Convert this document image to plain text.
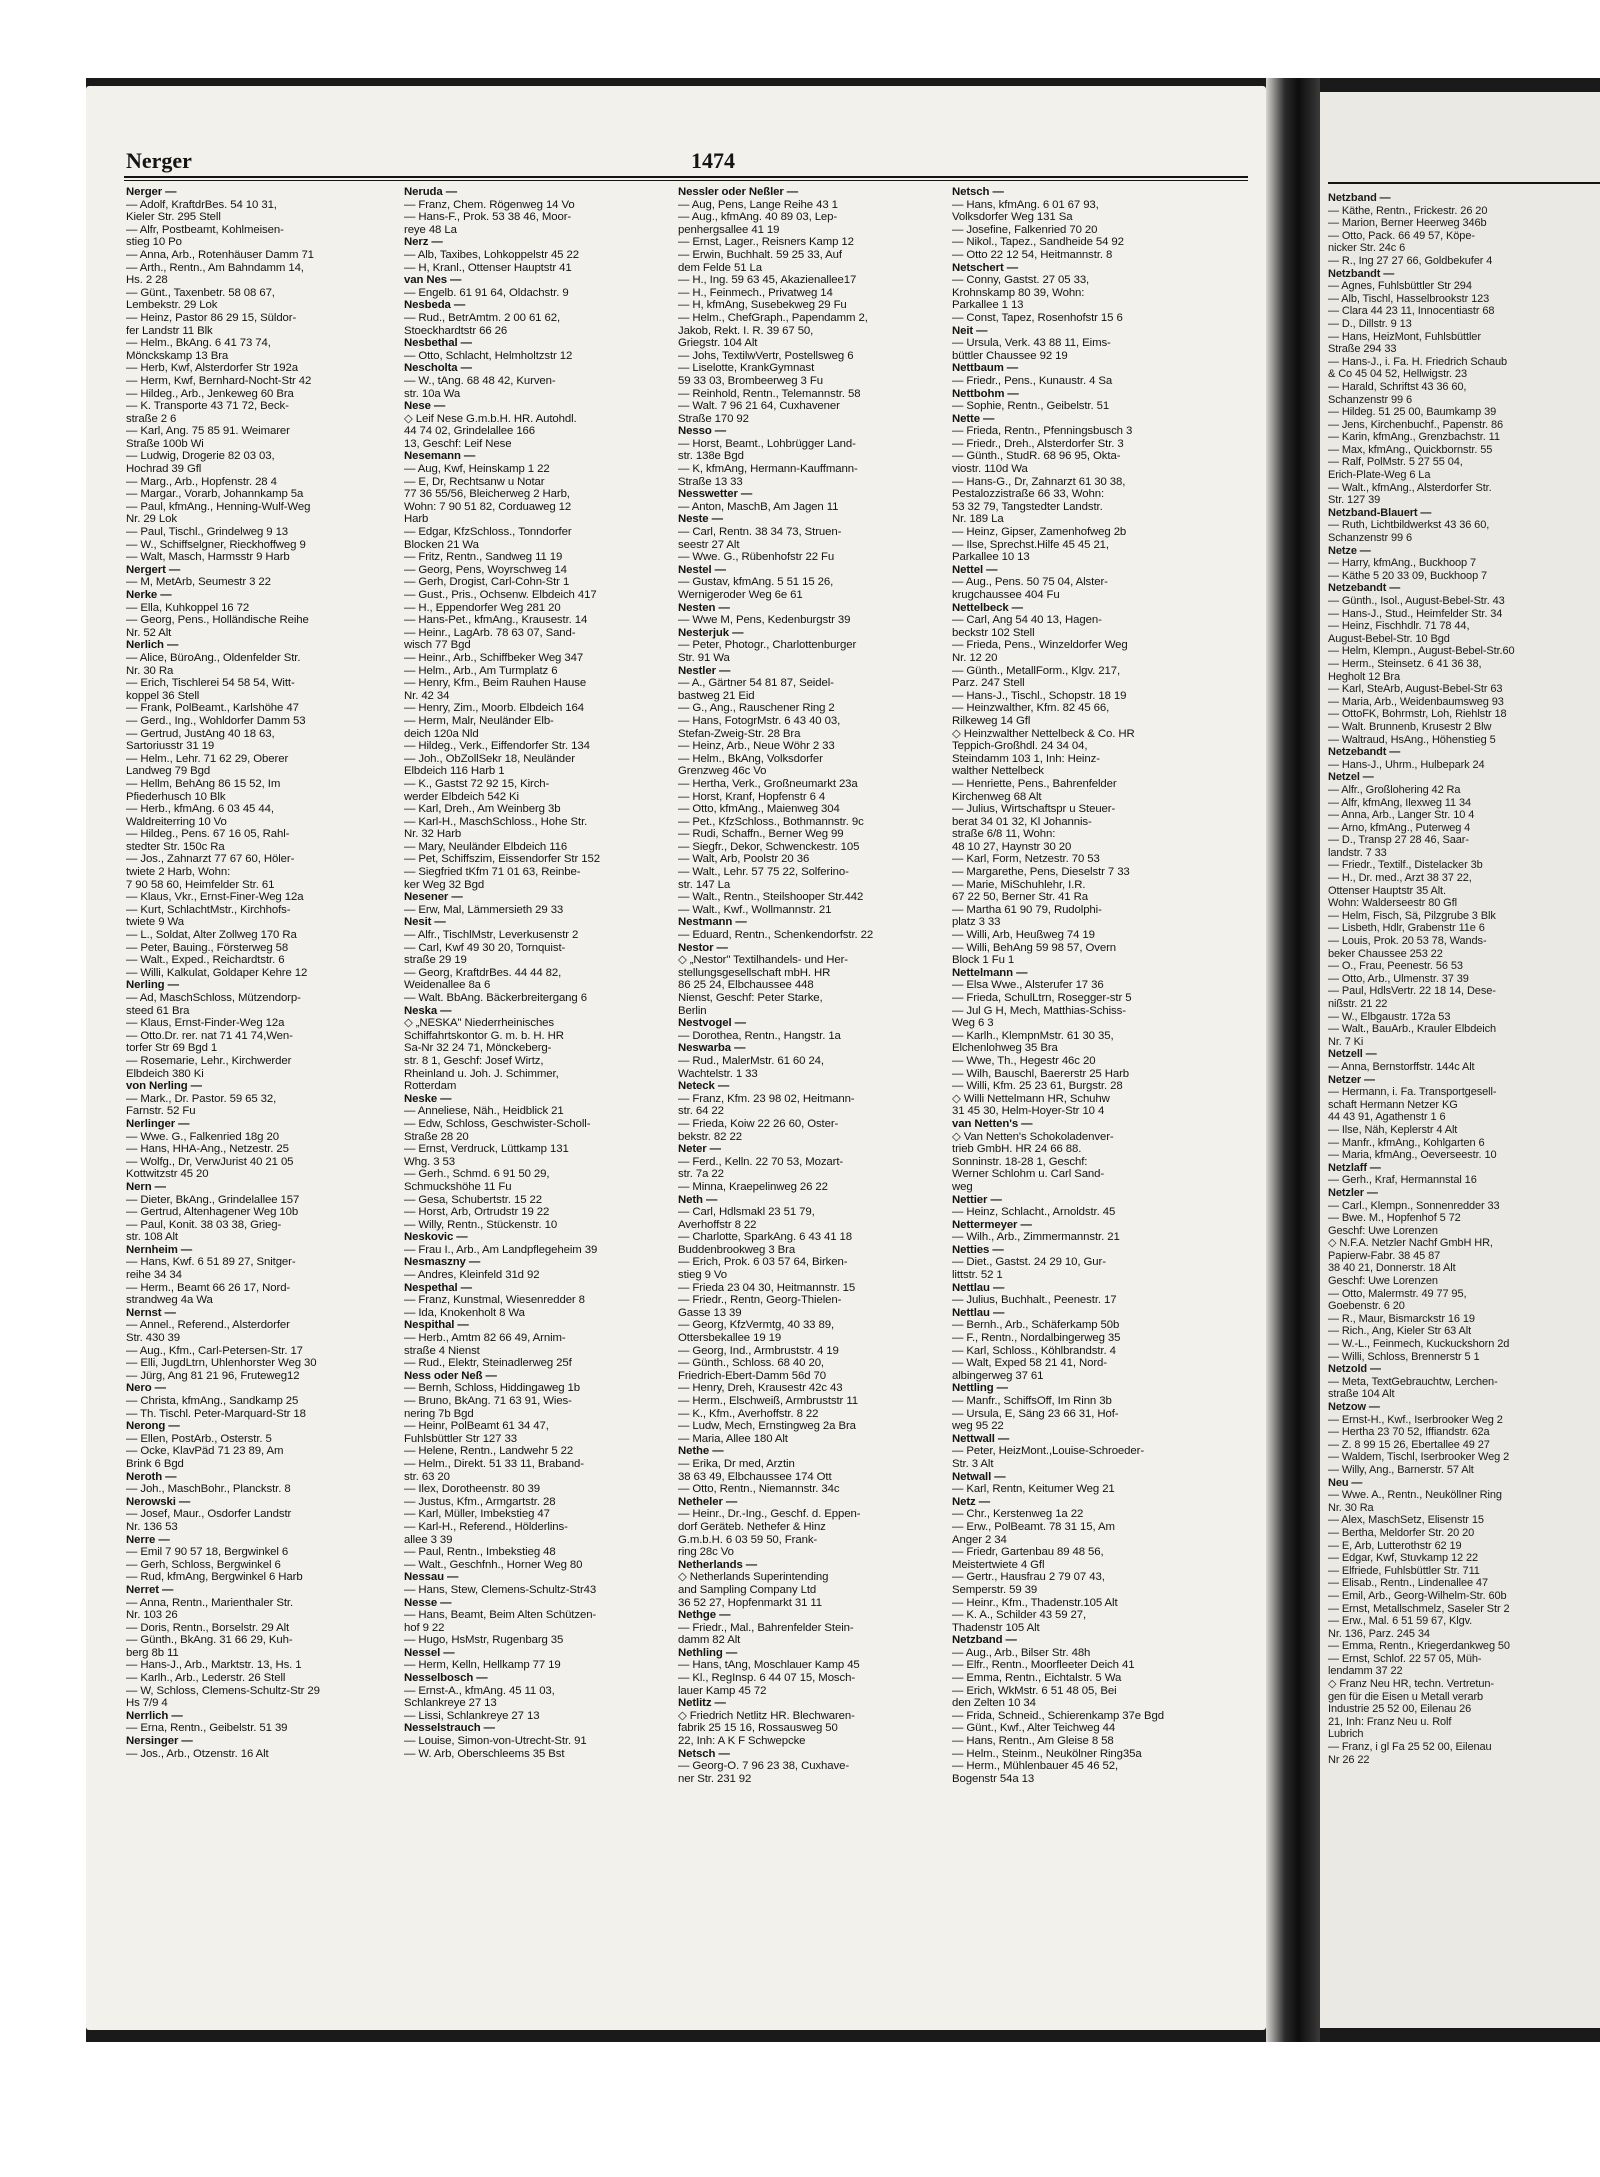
Nerger	1474
Nerger —
— Adolf, KraftdrBes. 54 10 31,
Kieler Str. 295 Stell
— Alfr, Postbeamt, Kohlmeisen-
stieg 10 Po
— Anna, Arb., Rotenhäuser Damm 71
— Arth., Rentn., Am Bahndamm 14,
Hs. 2 28
— Günt., Taxenbetr. 58 08 67,
Lembekstr. 29 Lok
— Heinz, Pastor 86 29 15, Süldor-
fer Landstr 11 Blk
— Helm., BkAng. 6 41 73 74,
Mönckskamp 13 Bra
— Herb, Kwf, Alsterdorfer Str 192a
— Herm, Kwf, Bernhard-Nocht-Str 42
— Hildeg., Arb., Jenkeweg 60 Bra
— K. Transporte 43 71 72, Beck-
straße 2 6
— Karl, Ang. 75 85 91. Weimarer
Straße 100b Wi
— Ludwig, Drogerie 82 03 03,
Hochrad 39 Gfl
— Marg., Arb., Hopfenstr. 28 4
— Margar., Vorarb, Johannkamp 5a
— Paul, kfmAng., Henning-Wulf-Weg
Nr. 29 Lok
— Paul, Tischl., Grindelweg 9 13
— W., Schiffselgner, Rieckhoffweg 9
— Walt, Masch, Harmsstr 9 Harb
Nergert —
— M, MetArb, Seumestr 3 22
Nerke —
— Ella, Kuhkoppel 16 72
— Georg, Pens., Holländische Reihe
Nr. 52 Alt
Nerlich —
— Alice, BüroAng., Oldenfelder Str.
Nr. 30 Ra
— Erich, Tischlerei 54 58 54, Witt-
koppel 36 Stell
— Frank, PolBeamt., Karlshöhe 47
— Gerd., Ing., Wohldorfer Damm 53
— Gertrud, JustAng 40 18 63,
Sartoriusstr 31 19
— Helm., Lehr. 71 62 29, Oberer
Landweg 79 Bgd
— Hellm, BehAng 86 15 52, Im
Pfiederhusch 10 Blk
— Herb., kfmAng. 6 03 45 44,
Waldreiterring 10 Vo
— Hildeg., Pens. 67 16 05, Rahl-
stedter Str. 150c Ra
— Jos., Zahnarzt 77 67 60, Höler-
twiete 2 Harb, Wohn:
7 90 58 60, Heimfelder Str. 61
— Klaus, Vkr., Ernst-Finer-Weg 12a
— Kurt, SchlachtMstr., Kirchhofs-
twiete 9 Wa
— L., Soldat, Alter Zollweg 170 Ra
— Peter, Bauing., Försterweg 58
— Walt., Exped., Reichardtstr. 6
— Willi, Kalkulat, Goldaper Kehre 12
Nerling —
— Ad, MaschSchloss, Mützendorp-
steed 61 Bra
— Klaus, Ernst-Finder-Weg 12a
— Otto.Dr. rer. nat 71 41 74,Wen-
torfer Str 69 Bgd 1
— Rosemarie, Lehr., Kirchwerder
Elbdeich 380 Ki
von Nerling —
— Mark., Dr. Pastor. 59 65 32,
Farnstr. 52 Fu
Nerlinger —
— Wwe. G., Falkenried 18g 20
— Hans, HHA-Ang., Netzestr. 25
— Wolfg., Dr, VerwJurist 40 21 05
Kottwitzstr 45 20
Nern —
— Dieter, BkAng., Grindelallee 157
— Gertrud, Altenhagener Weg 10b
— Paul, Konit. 38 03 38, Grieg-
str. 108 Alt
Nernheim —
— Hans, Kwf. 6 51 89 27, Snitger-
reihe 34 34
— Herm., Beamt 66 26 17, Nord-
strandweg 4a Wa
Nernst —
— Annel., Referend., Alsterdorfer
Str. 430 39
— Aug., Kfm., Carl-Petersen-Str. 17
— Elli, JugdLtrn, Uhlenhorster Weg 30
— Jürg, Ang 81 21 96, Fruteweg12
Nero —
— Christa, kfmAng., Sandkamp 25
— Th. Tischl. Peter-Marquard-Str 18
Nerong —
— Ellen, PostArb., Osterstr. 5
— Ocke, KlavPäd 71 23 89, Am
Brink 6 Bgd
Neroth —
— Joh., MaschBohr., Planckstr. 8
Nerowski —
— Josef, Maur., Osdorfer Landstr
Nr. 136 53
Nerre —
— Emil 7 90 57 18, Bergwinkel 6
— Gerh, Schloss, Bergwinkel 6
— Rud, kfmAng, Bergwinkel 6 Harb
Nerret —
— Anna, Rentn., Marienthaler Str.
Nr. 103 26
— Doris, Rentn., Borselstr. 29 Alt
— Günth., BkAng. 31 66 29, Kuh-
berg 8b 11
— Hans-J., Arb., Marktstr. 13, Hs. 1
— Karlh., Arb., Lederstr. 26 Stell
— W, Schloss, Clemens-Schultz-Str 29
Hs 7/9 4
Nerrlich —
— Erna, Rentn., Geibelstr. 51 39
Nersinger —
— Jos., Arb., Otzenstr. 16 Alt
Neruda —
— Franz, Chem. Rögenweg 14 Vo
— Hans-F., Prok. 53 38 46, Moor-
reye 48 La
Nerz —
— Alb, Taxibes, Lohkoppelstr 45 22
— H, Kranl., Ottenser Hauptstr 41
van Nes —
— Engelb. 61 91 64, Oldachstr. 9
Nesbeda —
— Rud., BetrAmtm. 2 00 61 62,
Stoeckhardtstr 66 26
Nesbethal —
— Otto, Schlacht, Helmholtzstr 12
Nescholta —
— W., tAng. 68 48 42, Kurven-
str. 10a Wa
Nese —
◇ Leif Nese G.m.b.H. HR. Autohdl.
44 74 02, Grindelallee 166
13, Geschf: Leif Nese
Nesemann —
— Aug, Kwf, Heinskamp 1 22
— E, Dr, Rechtsanw u Notar
77 36 55/56, Bleicherweg 2 Harb,
Wohn: 7 90 51 82, Corduaweg 12
Harb
— Edgar, KfzSchloss., Tonndorfer
Blocken 21 Wa
— Fritz, Rentn., Sandweg 11 19
— Georg, Pens, Woyrschweg 14
— Gerh, Drogist, Carl-Cohn-Str 1
— Gust., Pris., Ochsenw. Elbdeich 417
— H., Eppendorfer Weg 281 20
— Hans-Pet., kfmAng., Krausestr. 14
— Heinr., LagArb. 78 63 07, Sand-
wisch 77 Bgd
— Heinr., Arb., Schiffbeker Weg 347
— Helm., Arb., Am Turmplatz 6
— Henry, Kfm., Beim Rauhen Hause
Nr. 42 34
— Henry, Zim., Moorb. Elbdeich 164
— Herm, Malr, Neuländer Elb-
deich 120a Nld
— Hildeg., Verk., Eiffendorfer Str. 134
— Joh., ObZollSekr 18, Neuländer
Elbdeich 116 Harb 1
— K., Gastst 72 92 15, Kirch-
werder Elbdeich 542 Ki
— Karl, Dreh., Am Weinberg 3b
— Karl-H., MaschSchloss., Hohe Str.
Nr. 32 Harb
— Mary, Neuländer Elbdeich 116
— Pet, Schiffszim, Eissendorfer Str 152
— Siegfried tKfm 71 01 63, Reinbe-
ker Weg 32 Bgd
Nesener —
— Erw, Mal, Lämmersieth 29 33
Nesit —
— Alfr., TischlMstr, Leverkusenstr 2
— Carl, Kwf 49 30 20, Tornquist-
straße 29 19
— Georg, KraftdrBes. 44 44 82,
Weidenallee 8a 6
— Walt. BbAng. Bäckerbreitergang 6
Neska —
◇ „NESKA" Niederrheinisches
Schiffahrtskontor G. m. b. H. HR
Sa-Nr 32 24 71, Mönckeberg-
str. 8 1, Geschf: Josef Wirtz,
Rheinland u. Joh. J. Schimmer,
Rotterdam
Neske —
— Anneliese, Näh., Heidblick 21
— Edw, Schloss, Geschwister-Scholl-
Straße 28 20
— Ernst, Verdruck, Lüttkamp 131
Whg. 3 53
— Gerh., Schmd. 6 91 50 29,
Schmuckshöhe 11 Fu
— Gesa, Schubertstr. 15 22
— Horst, Arb, Ortrudstr 19 22
— Willy, Rentn., Stückenstr. 10
Neskovic —
— Frau I., Arb., Am Landpflegeheim 39
Nesmaszny —
— Andres, Kleinfeld 31d 92
Nespethal —
— Franz, Kunstmal, Wiesenredder 8
— Ida, Knokenholt 8 Wa
Nespithal —
— Herb., Amtm 82 66 49, Arnim-
straße 4 Nienst
— Rud., Elektr, Steinadlerweg 25f
Ness oder Neß —
— Bernh, Schloss, Hiddingaweg 1b
— Bruno, BkAng. 71 63 91, Wies-
nering 7b Bgd
— Heinr, PolBeamt 61 34 47,
Fuhlsbüttler Str 127 33
— Helene, Rentn., Landwehr 5 22
— Helm., Direkt. 51 33 11, Braband-
str. 63 20
— Ilex, Dorotheenstr. 80 39
— Justus, Kfm., Armgartstr. 28
— Karl, Müller, Imbekstieg 47
— Karl-H., Referend., Hölderlins-
allee 3 39
— Paul, Rentn., Imbekstieg 48
— Walt., Geschfnh., Horner Weg 80
Nessau —
— Hans, Stew, Clemens-Schultz-Str43
Nesse —
— Hans, Beamt, Beim Alten Schützen-
hof 9 22
— Hugo, HsMstr, Rugenbarg 35
Nessel —
— Herm, Kelln, Hellkamp 77 19
Nesselbosch —
— Ernst-A., kfmAng. 45 11 03,
Schlankreye 27 13
— Lissi, Schlankreye 27 13
Nesselstrauch —
— Louise, Simon-von-Utrecht-Str. 91
— W. Arb, Oberschleems 35 Bst
Nessler oder Neßler —
— Aug, Pens, Lange Reihe 43 1
— Aug., kfmAng. 40 89 03, Lep-
penhergsallee 41 19
— Ernst, Lager., Reisners Kamp 12
— Erwin, Buchhalt. 59 25 33, Auf
dem Felde 51 La
— H., Ing. 59 63 45, Akazienallee17
— H., Feinmech., Privatweg 14
— H, kfmAng, Susebekweg 29 Fu
— Helm., ChefGraph., Papendamm 2,
Jakob, Rekt. I. R. 39 67 50,
Griegstr. 104 Alt
— Johs, TextilwVertr, Postellsweg 6
— Liselotte, KrankGymnast
59 33 03, Brombeerweg 3 Fu
— Reinhold, Rentn., Telemannstr. 58
— Walt. 7 96 21 64, Cuxhavener
Straße 170 92
Nesso —
— Horst, Beamt., Lohbrügger Land-
str. 138e Bgd
— K, kfmAng, Hermann-Kauffmann-
Straße 13 33
Nesswetter —
— Anton, MaschB, Am Jagen 11
Neste —
— Carl, Rentn. 38 34 73, Struen-
seestr 27 Alt
— Wwe. G., Rübenhofstr 22 Fu
Nestel —
— Gustav, kfmAng. 5 51 15 26,
Wernigeroder Weg 6e 61
Nesten —
— Wwe M, Pens, Kedenburgstr 39
Nesterjuk —
— Peter, Photogr., Charlottenburger
Str. 91 Wa
Nestler —
— A., Gärtner 54 81 87, Seidel-
bastweg 21 Eid
— G., Ang., Rauschener Ring 2
— Hans, FotogrMstr. 6 43 40 03,
Stefan-Zweig-Str. 28 Bra
— Heinz, Arb., Neue Wöhr 2 33
— Helm., BkAng, Volksdorfer
Grenzweg 46c Vo
— Hertha, Verk., Großneumarkt 23a
— Horst, Kranf, Hopfenstr 6 4
— Otto, kfmAng., Maienweg 304
— Pet., KfzSchloss., Bothmannstr. 9c
— Rudi, Schaffn., Berner Weg 99
— Siegfr., Dekor, Schwenckestr. 105
— Walt, Arb, Poolstr 20 36
— Walt., Lehr. 57 75 22, Solferino-
str. 147 La
— Walt., Rentn., Steilshooper Str.442
— Walt., Kwf., Wollmannstr. 21
Nestmann —
— Eduard, Rentn., Schenkendorfstr. 22
Nestor —
◇ „Nestor" Textilhandels- und Her-
stellungsgesellschaft mbH. HR
86 25 24, Elbchaussee 448
Nienst, Geschf: Peter Starke,
Berlin
Nestvogel —
— Dorothea, Rentn., Hangstr. 1a
Neswarba —
— Rud., MalerMstr. 61 60 24,
Wachtelstr. 1 33
Neteck —
— Franz, Kfm. 23 98 02, Heitmann-
str. 64 22
— Frieda, Koiw 22 26 60, Oster-
bekstr. 82 22
Neter —
— Ferd., Kelln. 22 70 53, Mozart-
str. 7a 22
— Minna, Kraepelinweg 26 22
Neth —
— Carl, Hdlsmakl 23 51 79,
Averhoffstr 8 22
— Charlotte, SparkAng. 6 43 41 18
Buddenbrookweg 3 Bra
— Erich, Prok. 6 03 57 64, Birken-
stieg 9 Vo
— Frieda 23 04 30, Heitmannstr. 15
— Friedr., Rentn, Georg-Thielen-
Gasse 13 39
— Georg, KfzVermtg, 40 33 89,
Ottersbekallee 19 19
— Georg, Ind., Armbruststr. 4 19
— Günth., Schloss. 68 40 20,
Friedrich-Ebert-Damm 56d 70
— Henry, Dreh, Krausestr 42c 43
— Herm., Elschweiß, Armbruststr 11
— K., Kfm., Averhoffstr. 8 22
— Ludw, Mech, Ernstingweg 2a Bra
— Maria, Allee 180 Alt
Nethe —
— Erika, Dr med, Arztin
38 63 49, Elbchaussee 174 Ott
— Otto, Rentn., Niemannstr. 34c
Netheler —
— Heinr., Dr.-Ing., Geschf. d. Eppen-
dorf Geräteb. Nethefer & Hinz
G.m.b.H. 6 03 59 50, Frank-
ring 28c Vo
Netherlands —
◇ Netherlands Superintending
and Sampling Company Ltd
36 52 27, Hopfenmarkt 31 11
Nethge —
— Friedr., Mal., Bahrenfelder Stein-
damm 82 Alt
Nethling —
— Hans, tAng, Moschlauer Kamp 45
— Kl., RegInsp. 6 44 07 15, Mosch-
lauer Kamp 45 72
Netlitz —
◇ Friedrich Netlitz HR. Blechwaren-
fabrik 25 15 16, Rossausweg 50
22, Inh: A K F Schwepcke
Netsch —
— Georg-O. 7 96 23 38, Cuxhave-
ner Str. 231 92
Netsch —
— Hans, kfmAng. 6 01 67 93,
Volksdorfer Weg 131 Sa
— Josefine, Falkenried 70 20
— Nikol., Tapez., Sandheide 54 92
— Otto 22 12 54, Heitmannstr. 8
Netschert —
— Conny, Gastst. 27 05 33,
Krohnskamp 80 39, Wohn:
Parkallee 1 13
— Const, Tapez, Rosenhofstr 15 6
Neit —
— Ursula, Verk. 43 88 11, Eims-
büttler Chaussee 92 19
Nettbaum —
— Friedr., Pens., Kunaustr. 4 Sa
Nettbohm —
— Sophie, Rentn., Geibelstr. 51
Nette —
— Frieda, Rentn., Pfenningsbusch 3
— Friedr., Dreh., Alsterdorfer Str. 3
— Günth., StudR. 68 96 95, Okta-
viostr. 110d Wa
— Hans-G., Dr, Zahnarzt 61 30 38,
Pestalozzistraße 66 33, Wohn:
53 32 79, Tangstedter Landstr.
Nr. 189 La
— Heinz, Gipser, Zamenhofweg 2b
— Ilse, Sprechst.Hilfe 45 45 21,
Parkallee 10 13
Nettel —
— Aug., Pens. 50 75 04, Alster-
krugchaussee 404 Fu
Nettelbeck —
— Carl, Ang 54 40 13, Hagen-
beckstr 102 Stell
— Frieda, Pens., Winzeldorfer Weg
Nr. 12 20
— Günth., MetallForm., Klgv. 217,
Parz. 247 Stell
— Hans-J., Tischl., Schopstr. 18 19
— Heinzwalther, Kfm. 82 45 66,
Rilkeweg 14 Gfl
◇ Heinzwalther Nettelbeck & Co. HR
Teppich-Großhdl. 24 34 04,
Steindamm 103 1, Inh: Heinz-
walther Nettelbeck
— Henriette, Pens., Bahrenfelder
Kirchenweg 68 Alt
— Julius, Wirtschaftspr u Steuer-
berat 34 01 32, Kl Johannis-
straße 6/8 11, Wohn:
48 10 27, Haynstr 30 20
— Karl, Form, Netzestr. 70 53
— Margarethe, Pens, Dieselstr 7 33
— Marie, MiSchuhlehr, I.R.
67 22 50, Berner Str. 41 Ra
— Martha 61 90 79, Rudolphi-
platz 3 33
— Willi, Arb, Heußweg 74 19
— Willi, BehAng 59 98 57, Overn
Block 1 Fu 1
Nettelmann —
— Elsa Wwe., Alsterufer 17 36
— Frieda, SchulLtrn, Rosegger-str 5
— Jul G H, Mech, Matthias-Schiss-
Weg 6 3
— Karlh., KlempnMstr. 61 30 35,
Elchenlohweg 35 Bra
— Wwe, Th., Hegestr 46c 20
— Wilh, Bauschl, Baererstr 25 Harb
— Willi, Kfm. 25 23 61, Burgstr. 28
◇ Willi Nettelmann HR, Schuhw
31 45 30, Helm-Hoyer-Str 10 4
van Netten's —
◇ Van Netten's Schokoladenver-
trieb GmbH. HR 24 66 88.
Sonninstr. 18-28 1, Geschf:
Werner Schlohm u. Carl Sand-
weg
Nettier —
— Heinz, Schlacht., Arnoldstr. 45
Nettermeyer —
— Wilh., Arb., Zimmermannstr. 21
Netties —
— Diet., Gastst. 24 29 10, Gur-
littstr. 52 1
Nettlau —
— Julius, Buchhalt., Peenestr. 17
Nettlau —
— Bernh., Arb., Schäferkamp 50b
— F., Rentn., Nordalbingerweg 35
— Karl, Schloss., Köhlbrandstr. 4
— Walt, Exped 58 21 41, Nord-
albingerweg 37 61
Nettling —
— Manfr., SchiffsOff, Im Rinn 3b
— Ursula, E, Säng 23 66 31, Hof-
weg 95 22
Nettwall —
— Peter, HeizMont.,Louise-Schroeder-
Str. 3 Alt
Netwall —
— Karl, Rentn, Keitumer Weg 21
Netz —
— Chr., Kerstenweg 1a 22
— Erw., PolBeamt. 78 31 15, Am
Anger 2 34
— Friedr, Gartenbau 89 48 56,
Meistertwiete 4 Gfl
— Gertr., Hausfrau 2 79 07 43,
Semperstr. 59 39
— Heinr., Kfm., Thadenstr.105 Alt
— K. A., Schilder 43 59 27,
Thadenstr 105 Alt
Netzband —
— Aug., Arb., Bilser Str. 48h
— Elfr., Rentn., Moorfleeter Deich 41
— Emma, Rentn., Eichtalstr. 5 Wa
— Erich, WkMstr. 6 51 48 05, Bei
den Zelten 10 34
— Frida, Schneid., Schierenkamp 37e Bgd
— Günt., Kwf., Alter Teichweg 44
— Hans, Rentn., Am Gleise 8 58
— Helm., Steinm., Neukölner Ring35a
— Herm., Mühlenbauer 45 46 52,
Bogenstr 54a 13
Netzband —
— Käthe, Rentn., Frickestr. 26 20
— Marion, Berner Heerweg 346b
— Otto, Pack. 66 49 57, Köpe-
nicker Str. 24c 6
— R., Ing 27 27 66, Goldbekufer 4
Netzbandt —
— Agnes, Fuhlsbüttler Str 294
— Alb, Tischl, Hasselbrookstr 123
— Clara 44 23 11, Innocentiastr 68
— D., Dillstr. 9 13
— Hans, HeizMont, Fuhlsbüttler
Straße 294 33
— Hans-J., i. Fa. H. Friedrich Schaub
& Co 45 04 52, Hellwigstr. 23
— Harald, Schriftst 43 36 60,
Schanzenstr 99 6
— Hildeg. 51 25 00, Baumkamp 39
— Jens, Kirchenbuchf., Papenstr. 86
— Karin, kfmAng., Grenzbachstr. 11
— Max, kfmAng., Quickbornstr. 55
— Ralf, PolMstr. 5 27 55 04,
Erich-Plate-Weg 6 La
— Walt., kfmAng., Alsterdorfer Str.
Str. 127 39
Netzband-Blauert —
— Ruth, Lichtbildwerkst 43 36 60,
Schanzenstr 99 6
Netze —
— Harry, kfmAng., Buckhoop 7
— Käthe 5 20 33 09, Buckhoop 7
Netzebandt —
— Günth., Isol., August-Bebel-Str. 43
— Hans-J., Stud., Heimfelder Str. 34
— Heinz, Fischhdlr. 71 78 44,
August-Bebel-Str. 10 Bgd
— Helm, Klempn., August-Bebel-Str.60
— Herm., Steinsetz. 6 41 36 38,
Hegholt 12 Bra
— Karl, SteArb, August-Bebel-Str 63
— Maria, Arb., Weidenbaumsweg 93
— OttoFK, Bohrmstr, Loh, Riehlstr 18
— Walt. Brunnenb, Krusestr 2 Blw
— Waltraud, HsAng., Höhenstieg 5
Netzebandt —
— Hans-J., Uhrm., Hulbepark 24
Netzel —
— Alfr., Großlohering 42 Ra
— Alfr, kfmAng, Ilexweg 11 34
— Anna, Arb., Langer Str. 10 4
— Arno, kfmAng., Puterweg 4
— D., Transp 27 28 46, Saar-
landstr. 7 33
— Friedr., Textilf., Distelacker 3b
— H., Dr. med., Arzt 38 37 22,
Ottenser Hauptstr 35 Alt.
Wohn: Walderseestr 80 Gfl
— Helm, Fisch, Sä, Pilzgrube 3 Blk
— Lisbeth, Hdlr, Grabenstr 11e 6
— Louis, Prok. 20 53 78, Wands-
beker Chaussee 253 22
— O., Frau, Peenestr. 56 53
— Otto, Arb., Ulmenstr. 37 39
— Paul, HdlsVertr. 22 18 14, Dese-
nißstr. 21 22
— W., Elbgaustr. 172a 53
— Walt., BauArb., Krauler Elbdeich
Nr. 7 Ki
Netzell —
— Anna, Bernstorffstr. 144c Alt
Netzer —
— Hermann, i. Fa. Transportgesell-
schaft Hermann Netzer KG
44 43 91, Agathenstr 1 6
— Ilse, Näh, Keplerstr 4 Alt
— Manfr., kfmAng., Kohlgarten 6
— Maria, kfmAng., Oeverseestr. 10
Netzlaff —
— Gerh., Kraf, Hermannstal 16
Netzler —
— Carl., Klempn., Sonnenredder 33
— Bwe. M., Hopfenhof 5 72
Geschf: Uwe Lorenzen
◇ N.F.A. Netzler Nachf GmbH HR,
Papierw-Fabr. 38 45 87
38 40 21, Donnerstr. 18 Alt
Geschf: Uwe Lorenzen
— Otto, Malermstr. 49 77 95,
Goebenstr. 6 20
— R., Maur, Bismarckstr 16 19
— Rich., Ang, Kieler Str 63 Alt
— W.-L., Feinmech, Kuckuckshorn 2d
— Willi, Schloss, Brennerstr 5 1
Netzold —
— Meta, TextGebrauchtw, Lerchen-
straße 104 Alt
Netzow —
— Ernst-H., Kwf., Iserbrooker Weg 2
— Hertha 23 70 52, Iffiandstr. 62a
— Z. 8 99 15 26, Ebertallee 49 27
— Waldem, Tischl, Iserbrooker Weg 2
— Willy, Ang., Barnerstr. 57 Alt
Neu —
— Wwe. A., Rentn., Neuköllner Ring
Nr. 30 Ra
— Alex, MaschSetz, Elisenstr 15
— Bertha, Meldorfer Str. 20 20
— E, Arb, Lutterothstr 62 19
— Edgar, Kwf, Stuvkamp 12 22
— Elfriede, Fuhlsbüttler Str. 711
— Elisab., Rentn., Lindenallee 47
— Emil, Arb., Georg-Wilhelm-Str. 60b
— Ernst, Metallschmelz, Saseler Str 2
— Erw., Mal. 6 51 59 67, Klgv.
Nr. 136, Parz. 245 34
— Emma, Rentn., Kriegerdankweg 50
— Ernst, Schlof. 22 57 05, Müh-
lendamm 37 22
◇ Franz Neu HR, techn. Vertretun-
gen für die Eisen u Metall verarb
Industrie 25 52 00, Eilenau 26
21, Inh: Franz Neu u. Rolf
Lubrich
— Franz, i gl Fa 25 52 00, Eilenau
Nr 26 22
